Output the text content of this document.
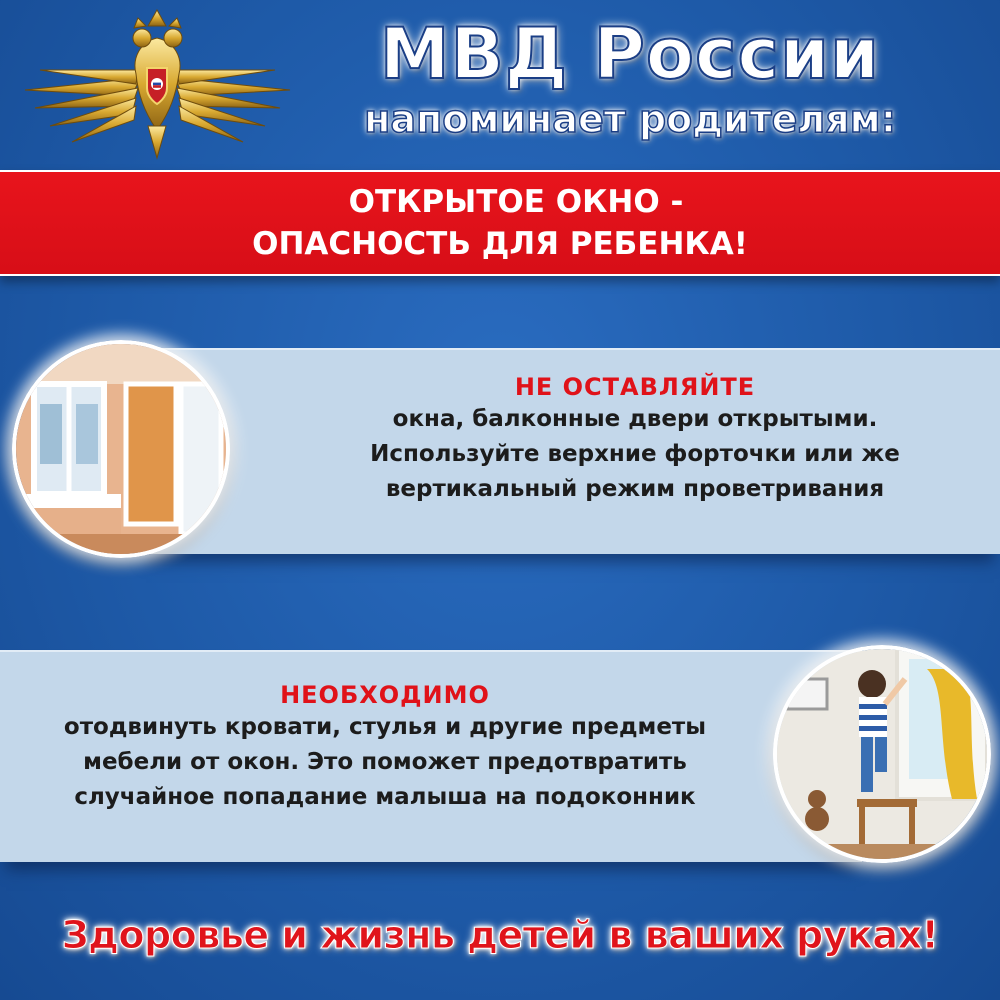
МВД России
напоминает родителям:
ОТКРЫТОЕ ОКНО -
ОПАСНОСТЬ ДЛЯ РЕБЕНКА!
НЕ ОСТАВЛЯЙТЕ
окна, балконные двери открытыми.
Используйте верхние форточки или же
вертикальный режим проветривания
НЕОБХОДИМО
отодвинуть кровати, стулья и другие предметы
мебели от окон. Это поможет предотвратить
случайное попадание малыша на подоконник
Здоровье и жизнь детей в ваших руках!
